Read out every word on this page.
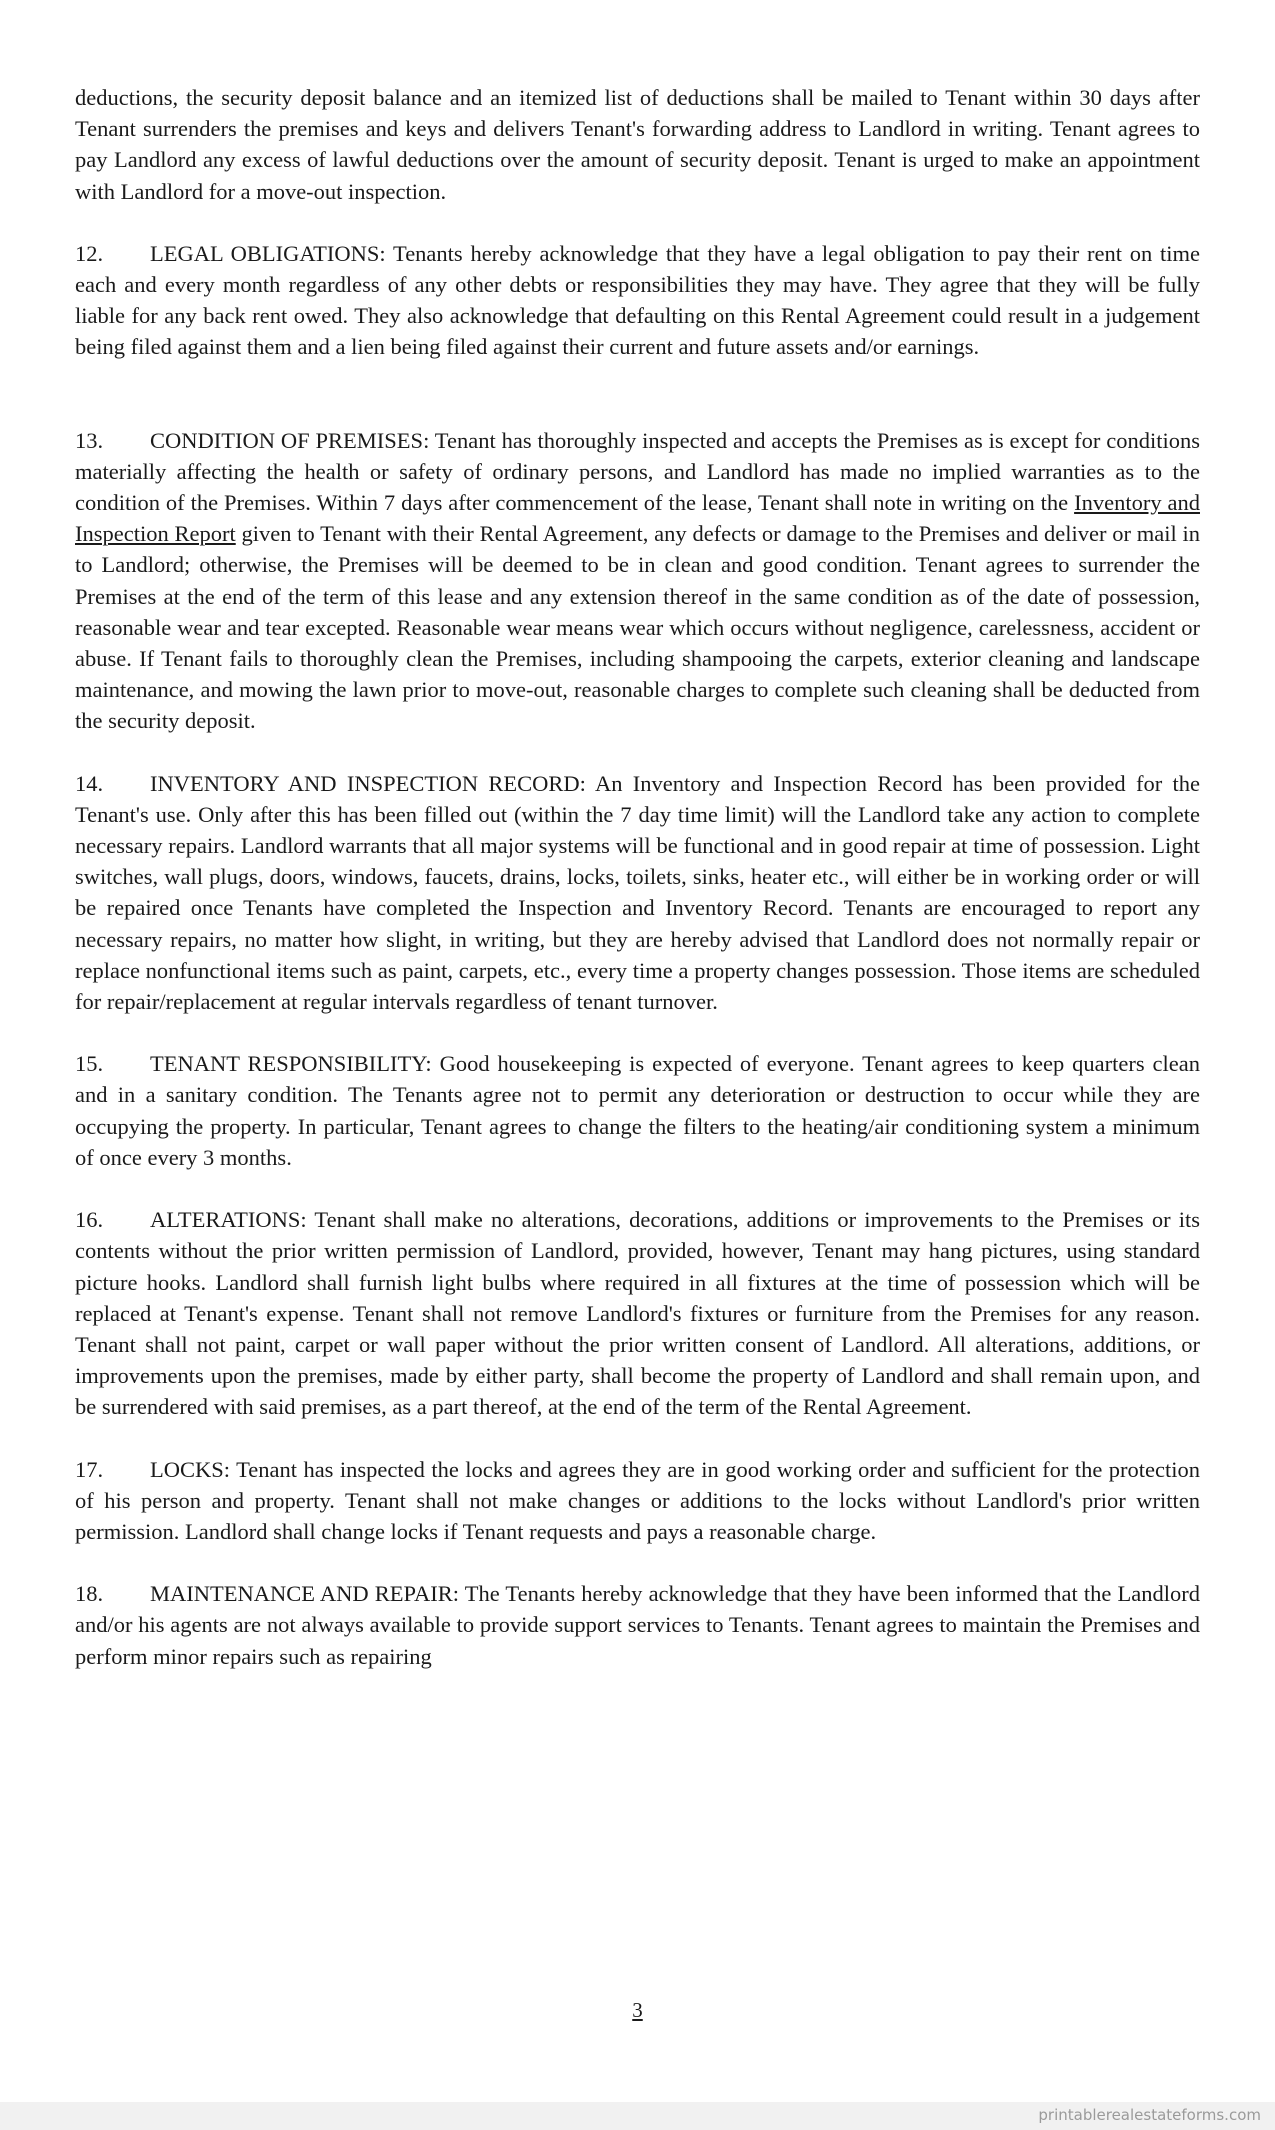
deductions, the security deposit balance and an itemized list of deductions shall be mailed to Tenant within 30 days after Tenant surrenders the premises and keys and delivers Tenant's forwarding address to Landlord in writing. Tenant agrees to pay Landlord any excess of lawful deductions over the amount of security deposit. Tenant is urged to make an appointment with Landlord for a move-out inspection.

12. LEGAL OBLIGATIONS: Tenants hereby acknowledge that they have a legal obligation to pay their rent on time each and every month regardless of any other debts or responsibilities they may have. They agree that they will be fully liable for any back rent owed. They also acknowledge that defaulting on this Rental Agreement could result in a judgement being filed against them and a lien being filed against their current and future assets and/or earnings.

13. CONDITION OF PREMISES: Tenant has thoroughly inspected and accepts the Premises as is except for conditions materially affecting the health or safety of ordinary persons, and Landlord has made no implied warranties as to the condition of the Premises. Within 7 days after commencement of the lease, Tenant shall note in writing on the Inventory and Inspection Report given to Tenant with their Rental Agreement, any defects or damage to the Premises and deliver or mail in to Landlord; otherwise, the Premises will be deemed to be in clean and good condition. Tenant agrees to surrender the Premises at the end of the term of this lease and any extension thereof in the same condition as of the date of possession, reasonable wear and tear excepted. Reasonable wear means wear which occurs without negligence, carelessness, accident or abuse. If Tenant fails to thoroughly clean the Premises, including shampooing the carpets, exterior cleaning and landscape maintenance, and mowing the lawn prior to move-out, reasonable charges to complete such cleaning shall be deducted from the security deposit.

14. INVENTORY AND INSPECTION RECORD: An Inventory and Inspection Record has been provided for the Tenant's use. Only after this has been filled out (within the 7 day time limit) will the Landlord take any action to complete necessary repairs. Landlord warrants that all major systems will be functional and in good repair at time of possession. Light switches, wall plugs, doors, windows, faucets, drains, locks, toilets, sinks, heater etc., will either be in working order or will be repaired once Tenants have completed the Inspection and Inventory Record. Tenants are encouraged to report any necessary repairs, no matter how slight, in writing, but they are hereby advised that Landlord does not normally repair or replace nonfunctional items such as paint, carpets, etc., every time a property changes possession. Those items are scheduled for repair/replacement at regular intervals regardless of tenant turnover.

15. TENANT RESPONSIBILITY: Good housekeeping is expected of everyone. Tenant agrees to keep quarters clean and in a sanitary condition. The Tenants agree not to permit any deterioration or destruction to occur while they are occupying the property. In particular, Tenant agrees to change the filters to the heating/air conditioning system a minimum of once every 3 months.

16. ALTERATIONS: Tenant shall make no alterations, decorations, additions or improvements to the Premises or its contents without the prior written permission of Landlord, provided, however, Tenant may hang pictures, using standard picture hooks. Landlord shall furnish light bulbs where required in all fixtures at the time of possession which will be replaced at Tenant's expense. Tenant shall not remove Landlord's fixtures or furniture from the Premises for any reason. Tenant shall not paint, carpet or wall paper without the prior written consent of Landlord. All alterations, additions, or improvements upon the premises, made by either party, shall become the property of Landlord and shall remain upon, and be surrendered with said premises, as a part thereof, at the end of the term of the Rental Agreement.

17. LOCKS: Tenant has inspected the locks and agrees they are in good working order and sufficient for the protection of his person and property. Tenant shall not make changes or additions to the locks without Landlord's prior written permission. Landlord shall change locks if Tenant requests and pays a reasonable charge.

18. MAINTENANCE AND REPAIR: The Tenants hereby acknowledge that they have been informed that the Landlord and/or his agents are not always available to provide support services to Tenants. Tenant agrees to maintain the Premises and perform minor repairs such as repairing

3
printablerealestateforms.com
